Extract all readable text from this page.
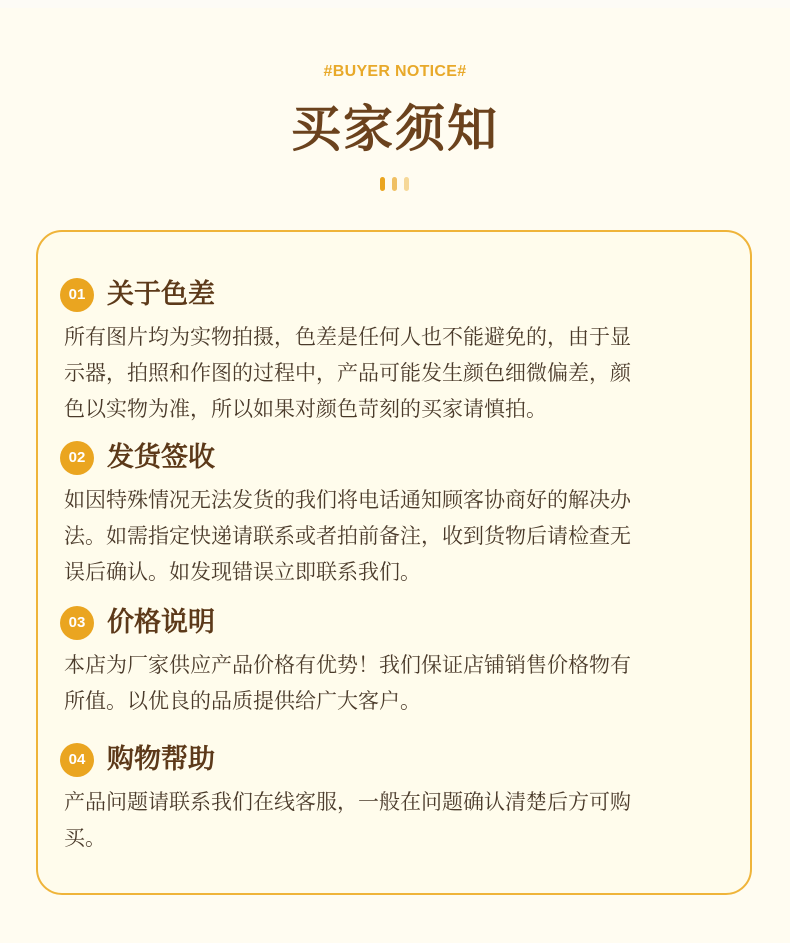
#BUYER NOTICE#
买家须知
01 关于色差
所有图片均为实物拍摄，色差是任何人也不能避免的，由于显
示器，拍照和作图的过程中，产品可能发生颜色细微偏差，颜
色以实物为准，所以如果对颜色苛刻的买家请慎拍。
02 发货签收
如因特殊情况无法发货的我们将电话通知顾客协商好的解决办
法。如需指定快递请联系或者拍前备注，收到货物后请检查无
误后确认。如发现错误立即联系我们。
03 价格说明
本店为厂家供应产品价格有优势！我们保证店铺销售价格物有
所值。以优良的品质提供给广大客户。
04 购物帮助
产品问题请联系我们在线客服，一般在问题确认清楚后方可购
买。
